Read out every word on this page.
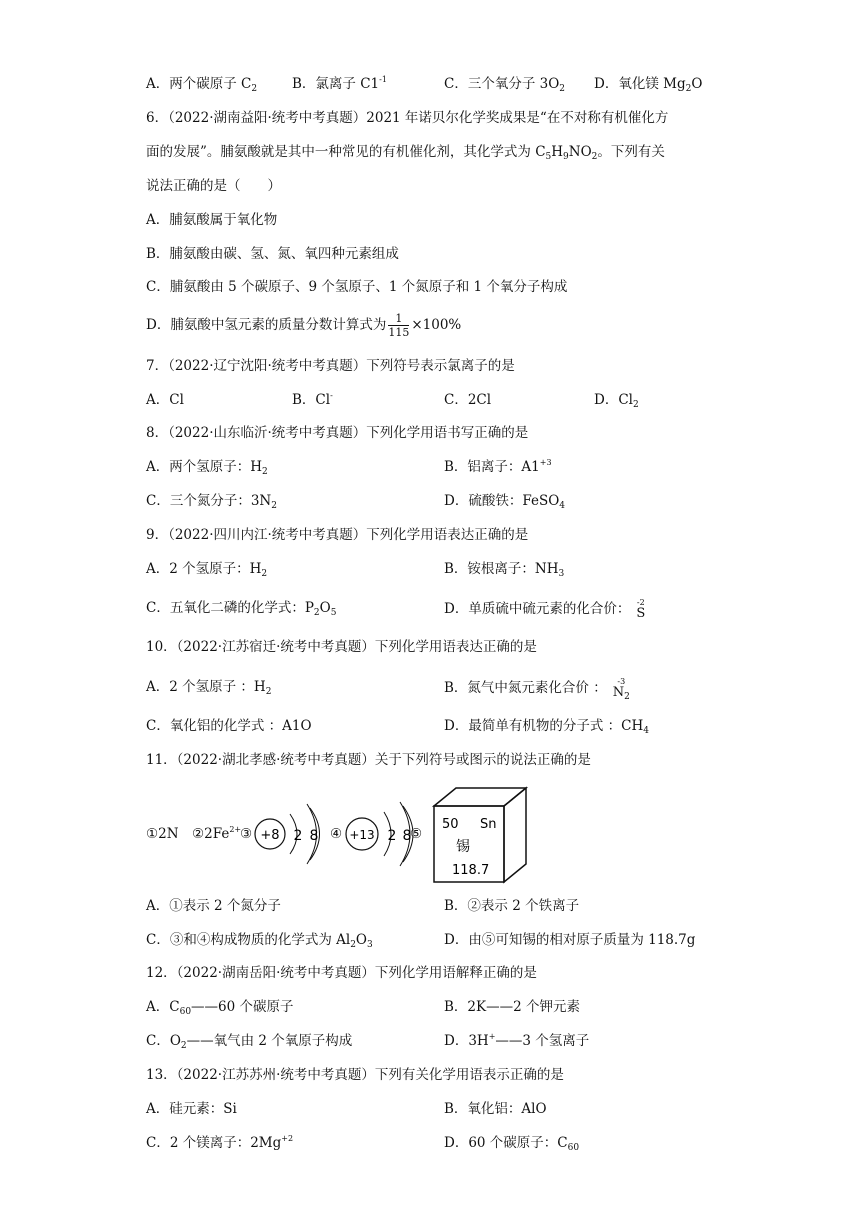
A．两个碳原子 $C_2$	B．氯离子 $C1^{-1}$	C．三个氧分子 $3O_2$ D．氧化镁 $Mg_2O$
6．（2022·湖南益阳·统考中考真题）2021 年诺贝尔化学奖成果是“在不对称有机催化方
面的发展”。脯氨酸就是其中一种常见的有机催化剂，其化学式为 $C_5H_9NO_2$。下列有关
说法正确的是（　　）
A．脯氨酸属于氧化物
B．脯氨酸由碳、氢、氮、氧四种元素组成
C．脯氨酸由 5 个碳原子、9 个氢原子、1 个氮原子和 1 个氧分子构成
D．脯氨酸中氢元素的质量分数计算式为 $\frac{1}{115} \times 100\%$
7．（2022·辽宁沈阳·统考中考真题）下列符号表示氯离子的是
A．Cl	B．Cl-	C．2Cl	D．$Cl_2$
8．（2022·山东临沂·统考中考真题）下列化学用语书写正确的是
A．两个氢原子：$H_2$	B．铝离子：$A1^{+3}$
C．三个氮分子：$3N_2$	D．硫酸铁：FeSO$_4$
9．（2022·四川内江·统考中考真题）下列化学用语表达正确的是
A．2 个氢原子：$H_2$	B．铵根离子：$NH_3$
C．五氧化二磷的化学式：$P_2O_5$	D．单质硫中硫元素的化合价： -2
S
10．（2022·江苏宿迁·统考中考真题）下列化学用语表达正确的是
A．2 个氢原子 ：$H_2$	B．氮气中氮元素化合价 ：	-3
$N_2$
C．氧化铝的化学式 ：A1O	D．最简单有机物的分子式 ：$CH_4$
11．（2022·湖北孝感·统考中考真题）关于下列符号或图示的说法正确的是
①2N $②2Fe^{2+}$
③	④	⑤
+8 2 8	+13 2 8
50 Sn
锡
118.7
A．①表示 2 个氮分子	B．②表示 2 个铁离子
C．③和④构成物质的化学式为 $Al_2O_3$	D．由⑤可知锡的相对原子质量为 118.7g
12．（2022·湖南岳阳·统考中考真题）下列化学用语解释正确的是
A．$C_{60}——60$ 个碳原子	B．2K——2 个钾元素
C．$O_2——$氧气由 2 个氧原子构成	D．3H+——3 个氢离子
13．（2022·江苏苏州·统考中考真题）下列有关化学用语表示正确的是
A．硅元素：Si	B．氧化铝：AlO
C．2 个镁离子：$2Mg^{+2}$	D．60 个碳原子：$C_{60}$
